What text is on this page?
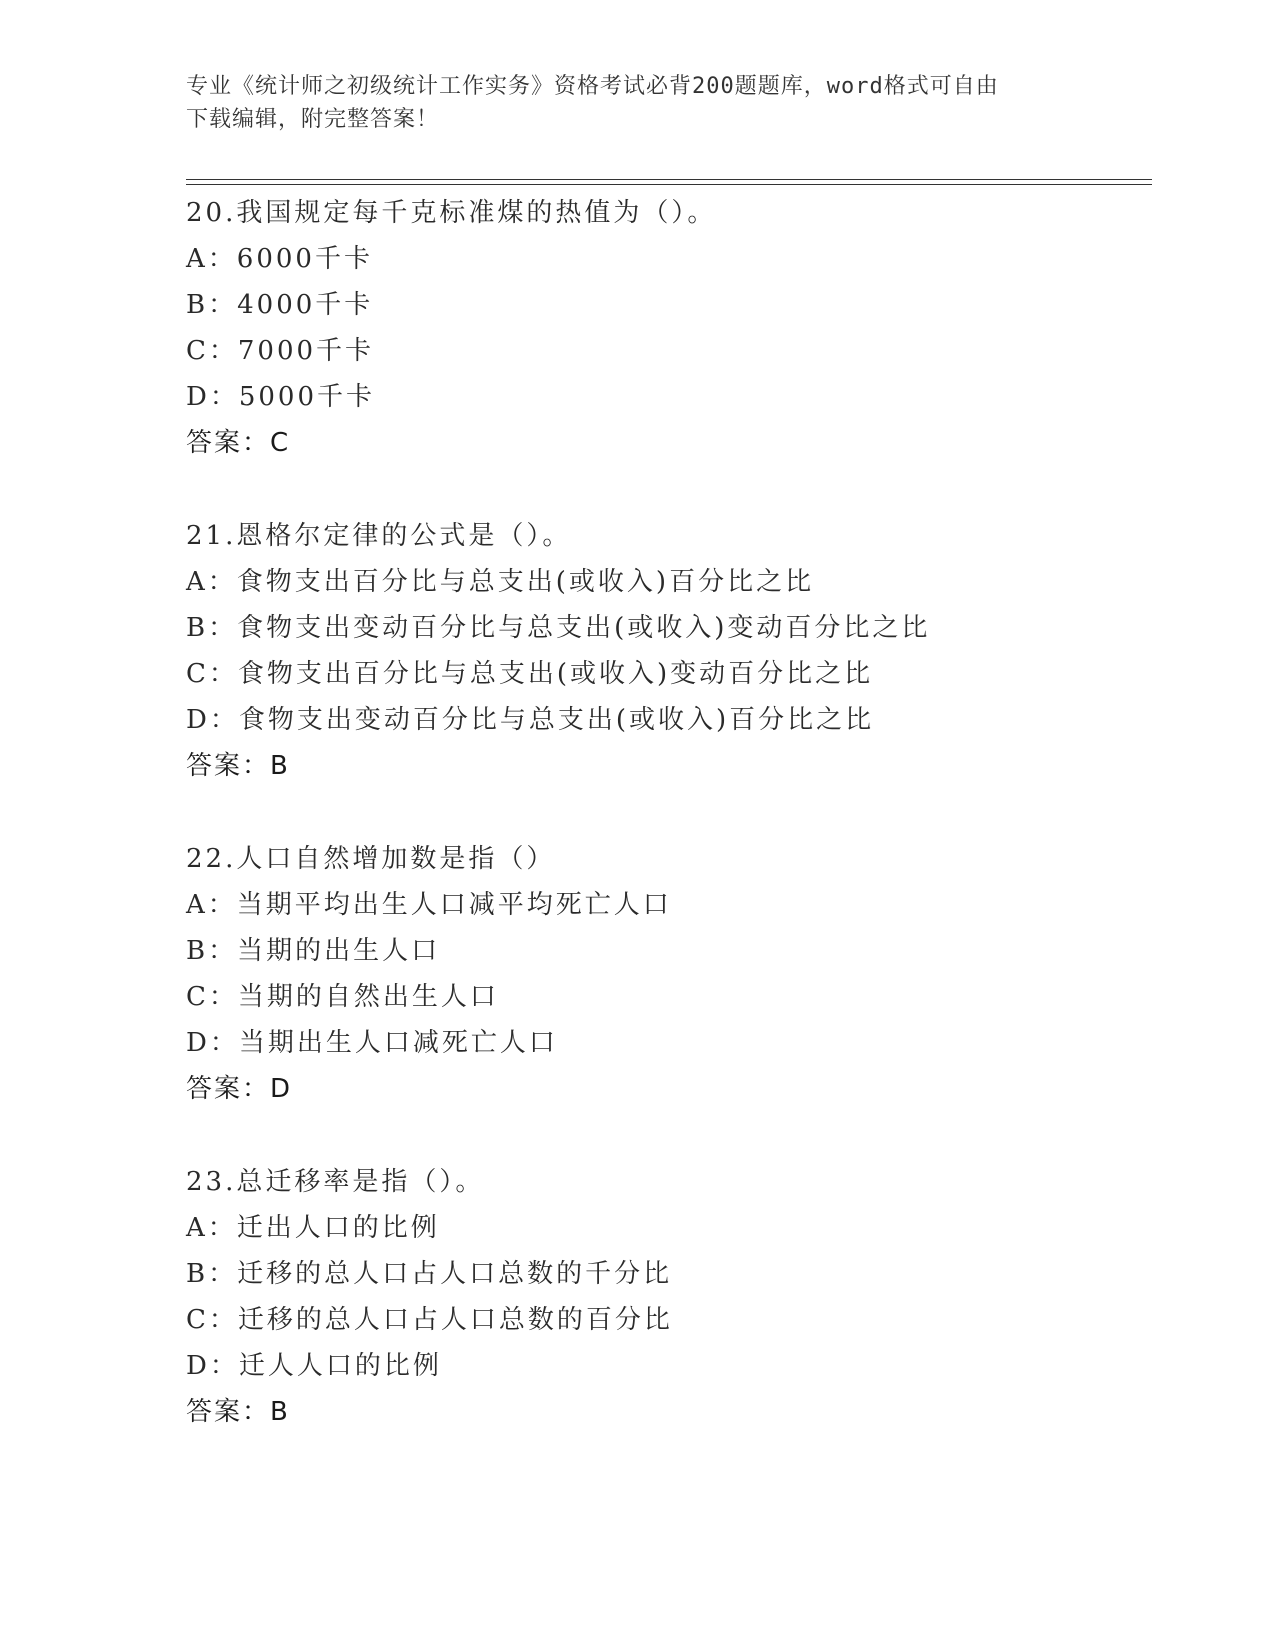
专业《统计师之初级统计工作实务》资格考试必背200题题库，word格式可自由
下载编辑，附完整答案！
20.我国规定每千克标准煤的热值为（）。
A：6000千卡
B：4000千卡
C：7000千卡
D：5000千卡
答案：C
21.恩格尔定律的公式是（）。
A：食物支出百分比与总支出(或收入)百分比之比
B：食物支出变动百分比与总支出(或收入)变动百分比之比
C：食物支出百分比与总支出(或收入)变动百分比之比
D：食物支出变动百分比与总支出(或收入)百分比之比
答案：B
22.人口自然增加数是指（）
A：当期平均出生人口减平均死亡人口
B：当期的出生人口
C：当期的自然出生人口
D：当期出生人口减死亡人口
答案：D
23.总迁移率是指（）。
A：迁出人口的比例
B：迁移的总人口占人口总数的千分比
C：迁移的总人口占人口总数的百分比
D：迁人人口的比例
答案：B
